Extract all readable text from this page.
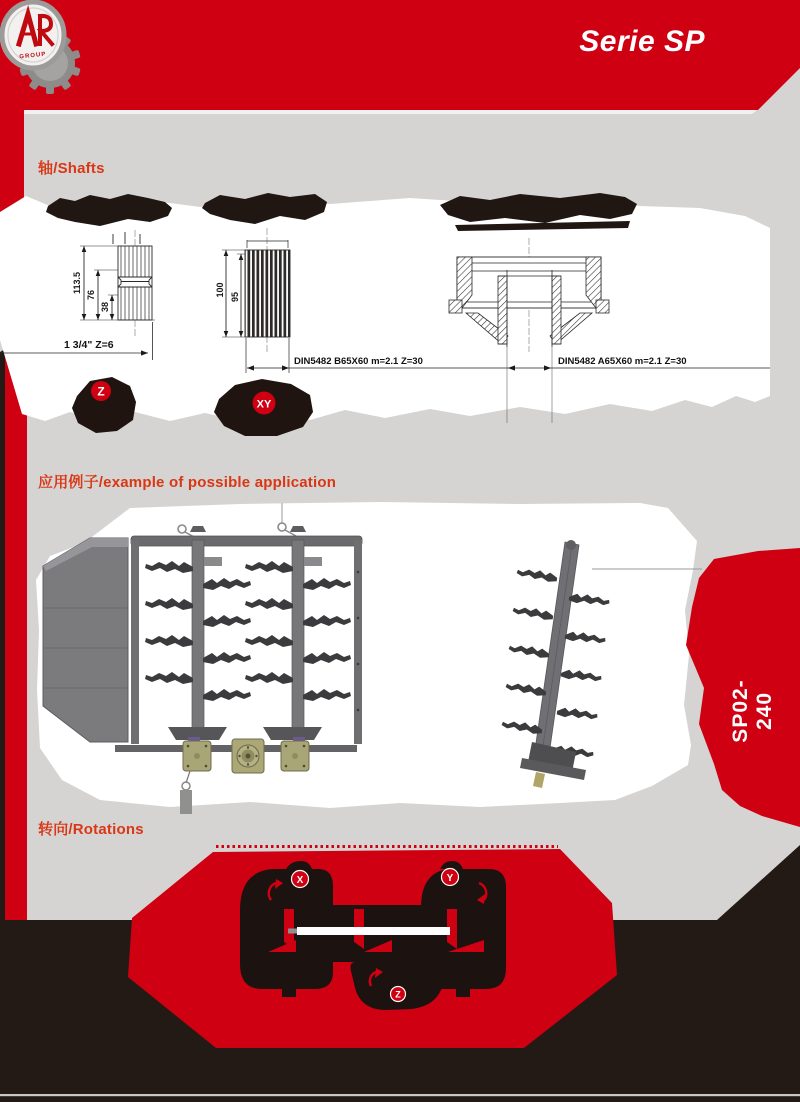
113.5
76
38
1 3/4" Z=6
100 95
DIN5482 B65X60 m=2.1 Z=30	DIN5482 A65X60 m=2.1 Z=30
Z
XY
X	Y
Z
GROUP	Serie SP
轴/Shafts
应用例子/example of possible application
转向/Rotations
SP02-240
